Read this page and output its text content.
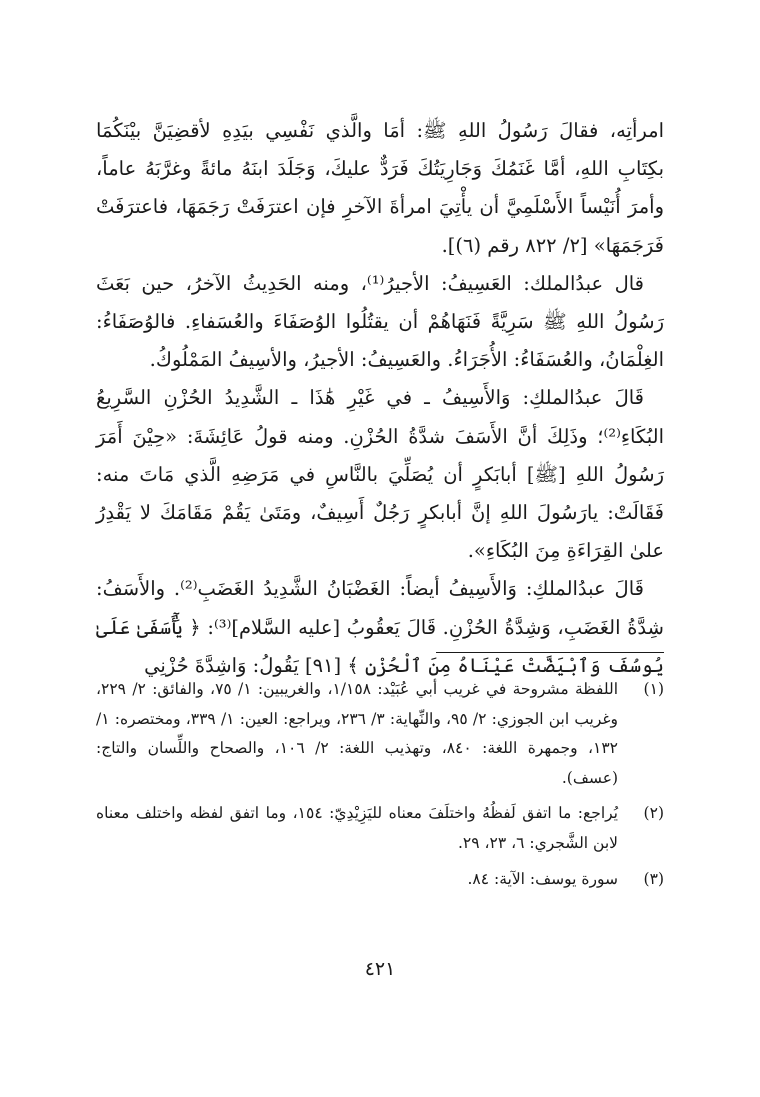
امرأتِه، فقالَ رَسُولُ اللهِ ﷺ: أمَا والَّذي نَفْسِي بيَدِهِ لأقضِيَنَّ بيْنَكُمَا بكِتَابِ اللهِ، أمَّا غَنَمُكَ وَجَارِيَتُكَ فَرَدٌّ عليكَ، وَجَلَدَ ابنَهُ مائةً وغرَّبَهُ عاماً، وأمرَ أُنَيْساً الأَسْلَمِيَّ أن يأْتِيَ امرأةَ الآخرِ فإن اعترَفَتْ رَجَمَهَا، فاعترَفَتْ فَرَجَمَهَا» [٢/ ٨٢٢ رقم (٦)].

قال عبدُالملك: العَسِيفُ: الأجيرُ⁽¹⁾، ومنه الحَدِيثُ الآخرُ، حين بَعَثَ رَسُولُ اللهِ ﷺ سَرِيَّةً فَنَهَاهُمْ أن يقتُلُوا الوُصَفَاءَ والعُسَفاءِ. فالوُصَفَاءُ: الغِلْمَانُ، والعُسَفَاءُ: الأُجَرَاءُ. والعَسِيفُ: الأجيرُ، والأسِيفُ المَمْلُوكُ.

قَالَ عبدُالملكِ: وَالأَسِيفُ ـ في غَيْرِ هَٰذَا ـ الشَّدِيدُ الحُزْنِ السَّرِيعُ البُكَاءِ⁽²⁾؛ وذَلِكَ أنَّ الأَسَفَ شدَّةُ الحُزْنِ. ومنه قولُ عَائِشَةَ: «حِيْنَ أَمَرَ رَسُولُ اللهِ [ﷺ] أبابَكرٍ أن يُصَلِّيَ بالنَّاسِ في مَرَضِهِ الَّذي مَاتَ منه: فَقَالَتْ: يارَسُولَ اللهِ إنَّ أبابكرٍ رَجُلٌ أَسِيفٌ، ومَتَىٰ يَقُمْ مَقَامَكَ لا يَقْدِرُ علىٰ القِرَاءَةِ مِنَ البُكَاءِ».

قَالَ عبدُالملكِ: وَالأَسِيفُ أيضاً: الغَضْبَانُ الشَّدِيدُ الغَضَبِ⁽²⁾. والأَسَفُ: شِدَّةُ الغَضَبِ، وَشِدَّةُ الحُزْنِ. قَالَ يَعقُوبُ [عليه السَّلام]⁽³⁾: ﴿ يَٰٓأَسَفَىٰ عَلَىٰ يُوسُفَ وَٱبْيَضَّتْ عَيْنَاهُ مِنَ ٱلْحُزْنِ ﴾ [٩١] يَقُولُ: وَاشِدَّةَ حُزْنِي

(١)
اللفظة مشروحة في غريب أبي عُبَيْد: ١/١٥٨، والغريبين: ١/ ٧٥، والفائق: ٢/ ٢٢٩، وغريب ابن الجوزي: ٢/ ٩٥، والنِّهاية: ٣/ ٢٣٦، ويراجع: العين: ١/ ٣٣٩، ومختصره: ١/ ١٣٢، وجمهرة اللغة: ٨٤٠، وتهذيب اللغة: ٢/ ١٠٦، والصحاح واللِّسان والتاج: (عسف).
(٢)
يُراجع: ما اتفق لَفظُهُ واختلَفَ معناه لليَزِيْدِيّ: ١٥٤، وما اتفق لفظه واختلف معناه لابن الشَّجري: ٦، ٢٣، ٢٩.
(٣)
سورة يوسف: الآية: ٨٤.
٤٢١
